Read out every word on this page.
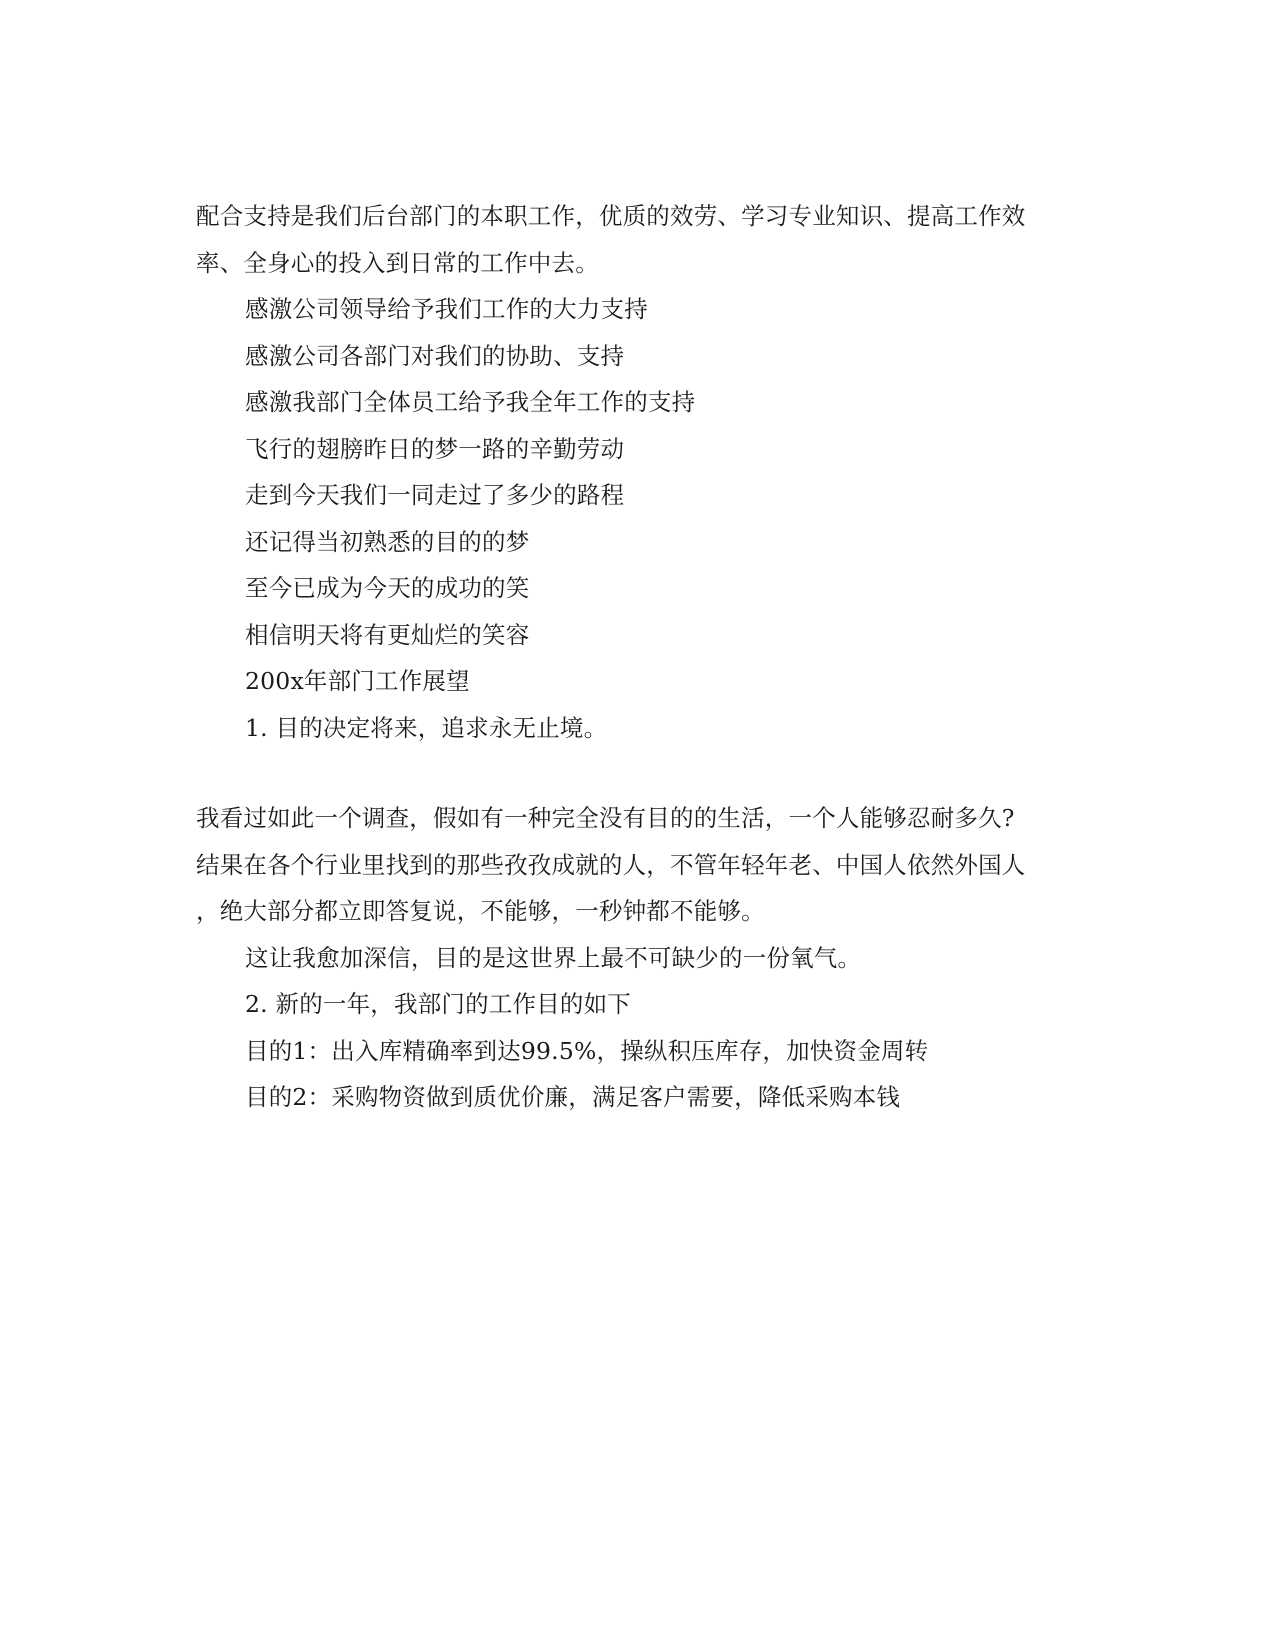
配合支持是我们后台部门的本职工作，优质的效劳、学习专业知识、提高工作效
率、全身心的投入到日常的工作中去。
感激公司领导给予我们工作的大力支持
感激公司各部门对我们的协助、支持
感激我部门全体员工给予我全年工作的支持
飞行的翅膀昨日的梦一路的辛勤劳动
走到今天我们一同走过了多少的路程
还记得当初熟悉的目的的梦
至今已成为今天的成功的笑
相信明天将有更灿烂的笑容
200x年部门工作展望
1. 目的决定将来，追求永无止境。
我看过如此一个调查，假如有一种完全没有目的的生活，一个人能够忍耐多久?
结果在各个行业里找到的那些孜孜成就的人，不管年轻年老、中国人依然外国人
，绝大部分都立即答复说，不能够，一秒钟都不能够。
这让我愈加深信，目的是这世界上最不可缺少的一份氧气。
2. 新的一年，我部门的工作目的如下
目的1：出入库精确率到达99.5%，操纵积压库存，加快资金周转
目的2：采购物资做到质优价廉，满足客户需要，降低采购本钱
